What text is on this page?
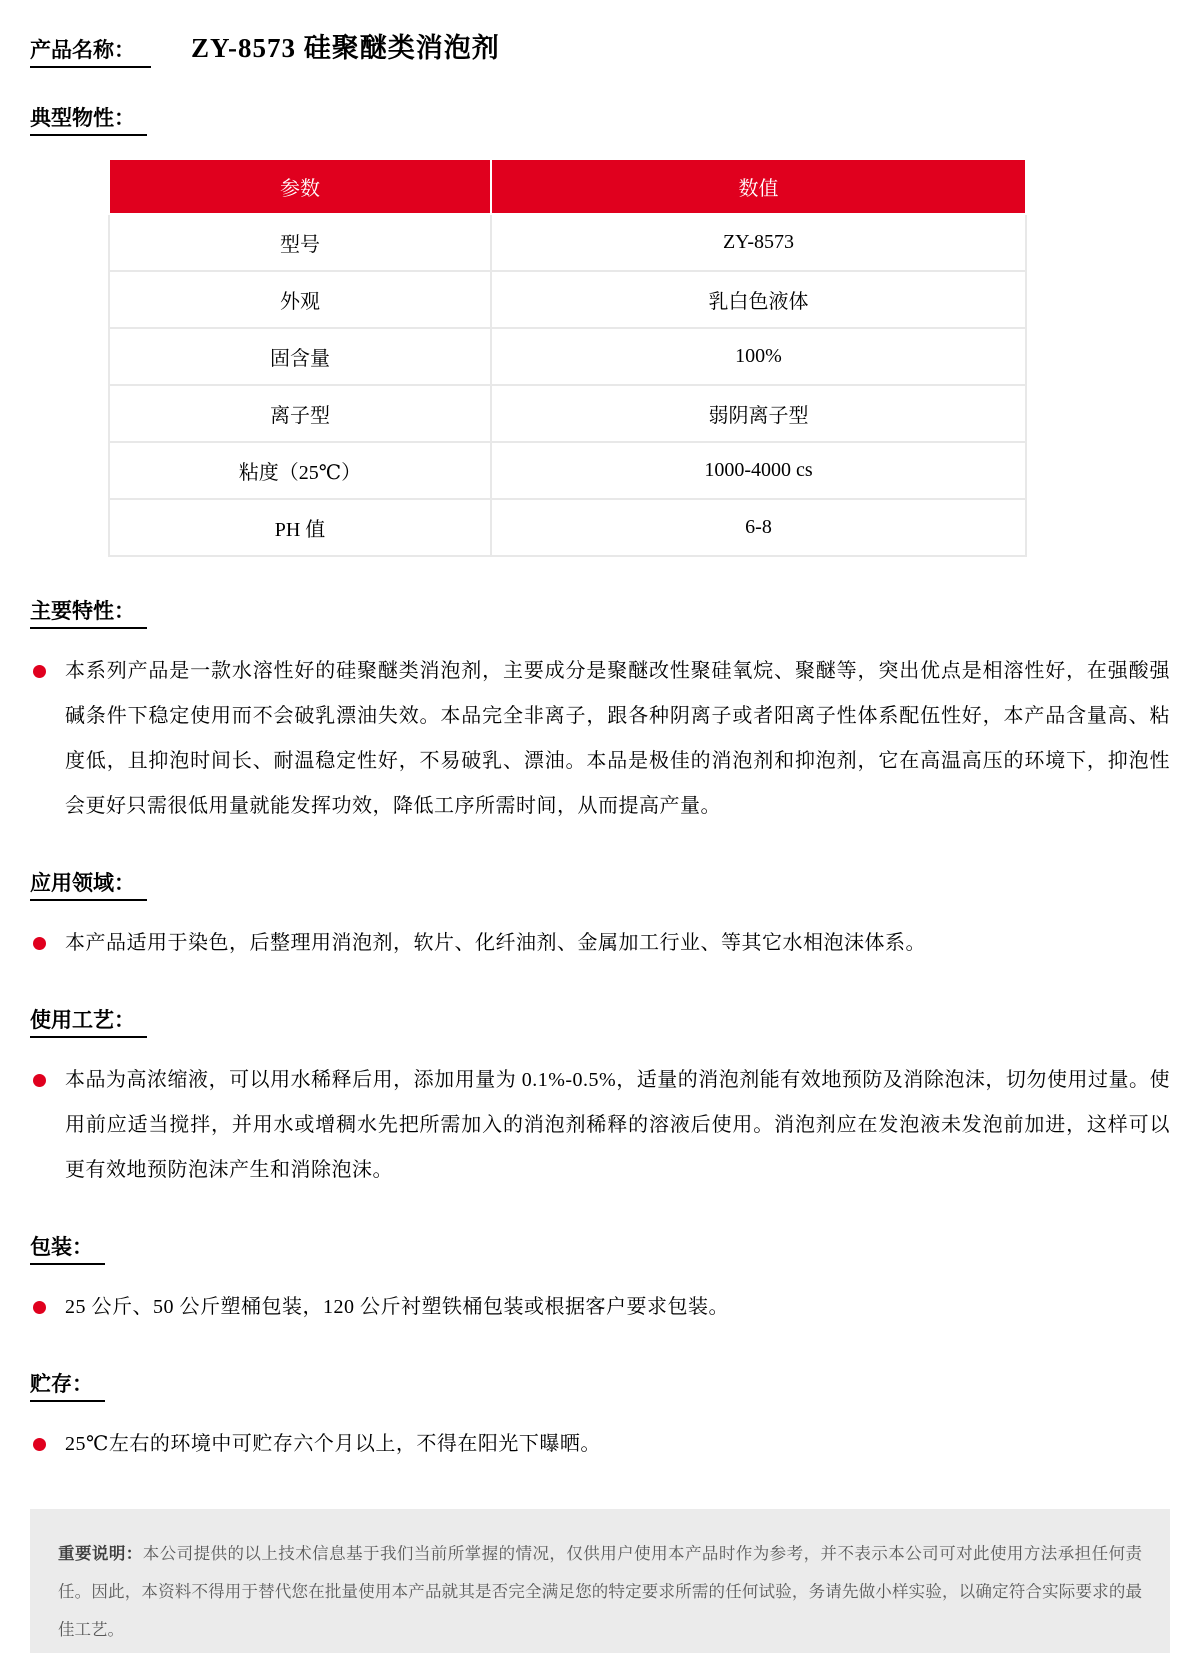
产品名称：	ZY-8573 硅聚醚类消泡剂
典型物性：
参数	数值
型号	ZY-8573
外观	乳白色液体
固含量	100%
离子型	弱阴离子型
粘度（25℃）	1000-4000 cs
PH 值	6-8
主要特性：
本系列产品是一款水溶性好的硅聚醚类消泡剂，主要成分是聚醚改性聚硅氧烷、聚醚等，突出优点是相溶性好，在强酸强碱条件下稳定使用而不会破乳漂油失效。本品完全非离子，跟各种阴离子或者阳离子性体系配伍性好，本产品含量高、粘度低，且抑泡时间长、耐温稳定性好，不易破乳、漂油。本品是极佳的消泡剂和抑泡剂，它在高温高压的环境下，抑泡性会更好只需很低用量就能发挥功效，降低工序所需时间，从而提高产量。
应用领域：
本产品适用于染色，后整理用消泡剂，软片、化纤油剂、金属加工行业、等其它水相泡沫体系。
使用工艺：
本品为高浓缩液，可以用水稀释后用，添加用量为 0.1%-0.5%，适量的消泡剂能有效地预防及消除泡沫，切勿使用过量。使用前应适当搅拌，并用水或增稠水先把所需加入的消泡剂稀释的溶液后使用。消泡剂应在发泡液未发泡前加进，这样可以更有效地预防泡沫产生和消除泡沫。
包装：
25 公斤、50 公斤塑桶包装，120 公斤衬塑铁桶包装或根据客户要求包装。
贮存：
25℃左右的环境中可贮存六个月以上，不得在阳光下曝晒。

重要说明：本公司提供的以上技术信息基于我们当前所掌握的情况，仅供用户使用本产品时作为参考，并不表示本公司可对此使用方法承担任何责任。因此，本资料不得用于替代您在批量使用本产品就其是否完全满足您的特定要求所需的任何试验，务请先做小样实验，以确定符合实际要求的最佳工艺。
